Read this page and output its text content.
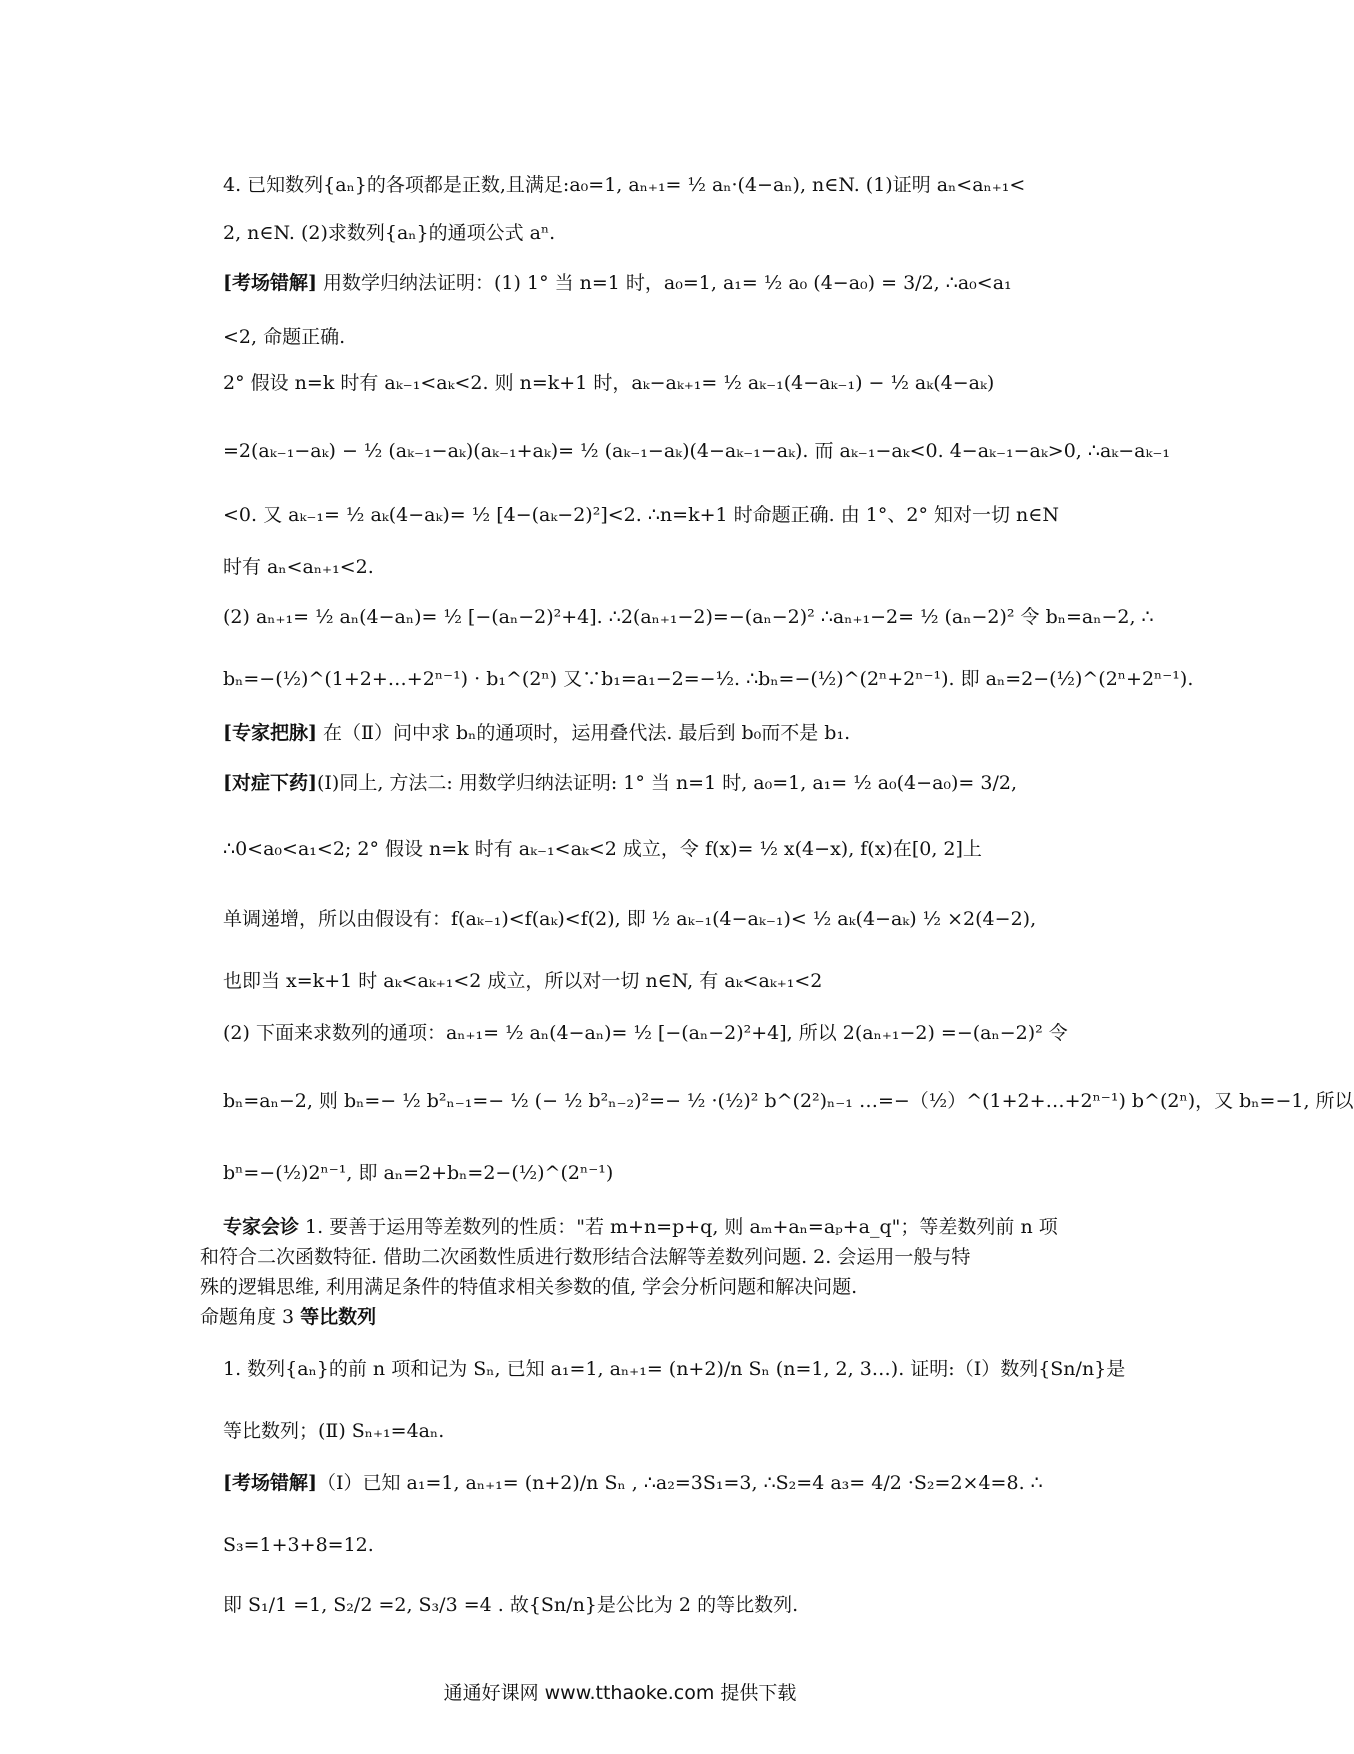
4. 已知数列{aₙ}的各项都是正数,且满足:a₀=1, aₙ₊₁= ½ aₙ·(4−aₙ), n∈N. (1)证明 aₙ<aₙ₊₁<
2, n∈N. (2)求数列{aₙ}的通项公式 aⁿ.
[考场错解] 用数学归纳法证明：(1) 1° 当 n=1 时，a₀=1, a₁= ½ a₀ (4−a₀) = 3/2, ∴a₀<a₁
<2, 命题正确.
2° 假设 n=k 时有 aₖ₋₁<aₖ<2. 则 n=k+1 时，aₖ−aₖ₊₁= ½ aₖ₋₁(4−aₖ₋₁) − ½ aₖ(4−aₖ)
=2(aₖ₋₁−aₖ) − ½ (aₖ₋₁−aₖ)(aₖ₋₁+aₖ)= ½ (aₖ₋₁−aₖ)(4−aₖ₋₁−aₖ). 而 aₖ₋₁−aₖ<0. 4−aₖ₋₁−aₖ>0, ∴aₖ−aₖ₋₁
<0. 又 aₖ₋₁= ½ aₖ(4−aₖ)= ½ [4−(aₖ−2)²]<2. ∴n=k+1 时命题正确. 由 1°、2° 知对一切 n∈N
时有 aₙ<aₙ₊₁<2.
(2) aₙ₊₁= ½ aₙ(4−aₙ)= ½ [−(aₙ−2)²+4]. ∴2(aₙ₊₁−2)=−(aₙ−2)² ∴aₙ₊₁−2= ½ (aₙ−2)² 令 bₙ=aₙ−2, ∴
bₙ=−(½)^(1+2+…+2ⁿ⁻¹) · b₁^(2ⁿ) 又∵b₁=a₁−2=−½. ∴bₙ=−(½)^(2ⁿ+2ⁿ⁻¹). 即 aₙ=2−(½)^(2ⁿ+2ⁿ⁻¹).
[专家把脉] 在（Ⅱ）问中求 bₙ的通项时，运用叠代法. 最后到 b₀而不是 b₁.
[对症下药](Ⅰ)同上, 方法二: 用数学归纳法证明: 1° 当 n=1 时, a₀=1, a₁= ½ a₀(4−a₀)= 3/2,
∴0<a₀<a₁<2; 2° 假设 n=k 时有 aₖ₋₁<aₖ<2 成立，令 f(x)= ½ x(4−x), f(x)在[0, 2]上
单调递增，所以由假设有：f(aₖ₋₁)<f(aₖ)<f(2), 即 ½ aₖ₋₁(4−aₖ₋₁)< ½ aₖ(4−aₖ) ½ ×2(4−2),
也即当 x=k+1 时 aₖ<aₖ₊₁<2 成立，所以对一切 n∈N, 有 aₖ<aₖ₊₁<2
(2) 下面来求数列的通项：aₙ₊₁= ½ aₙ(4−aₙ)= ½ [−(aₙ−2)²+4], 所以 2(aₙ₊₁−2) =−(aₙ−2)² 令
bₙ=aₙ−2, 则 bₙ=− ½ b²ₙ₋₁=− ½ (− ½ b²ₙ₋₂)²=− ½ ·(½)² b^(2²)ₙ₋₁ …=−（½）^(1+2+…+2ⁿ⁻¹) b^(2ⁿ)，又 bₙ=−1, 所以
bⁿ=−(½)2ⁿ⁻¹, 即 aₙ=2+bₙ=2−(½)^(2ⁿ⁻¹)
专家会诊 1. 要善于运用等差数列的性质："若 m+n=p+q, 则 aₘ+aₙ=aₚ+a_q"；等差数列前 n 项
和符合二次函数特征. 借助二次函数性质进行数形结合法解等差数列问题. 2. 会运用一般与特
殊的逻辑思维, 利用满足条件的特值求相关参数的值, 学会分析问题和解决问题.
命题角度 3 等比数列
1. 数列{aₙ}的前 n 项和记为 Sₙ, 已知 a₁=1, aₙ₊₁= (n+2)/n Sₙ (n=1, 2, 3…). 证明:（Ⅰ）数列{Sn/n}是
等比数列；(Ⅱ) Sₙ₊₁=4aₙ.
[考场错解]（Ⅰ）已知 a₁=1, aₙ₊₁= (n+2)/n Sₙ , ∴a₂=3S₁=3, ∴S₂=4 a₃= 4/2 ·S₂=2×4=8. ∴
S₃=1+3+8=12.
即 S₁/1 =1, S₂/2 =2, S₃/3 =4 . 故{Sn/n}是公比为 2 的等比数列.
通通好课网 www.tthaoke.com 提供下载
